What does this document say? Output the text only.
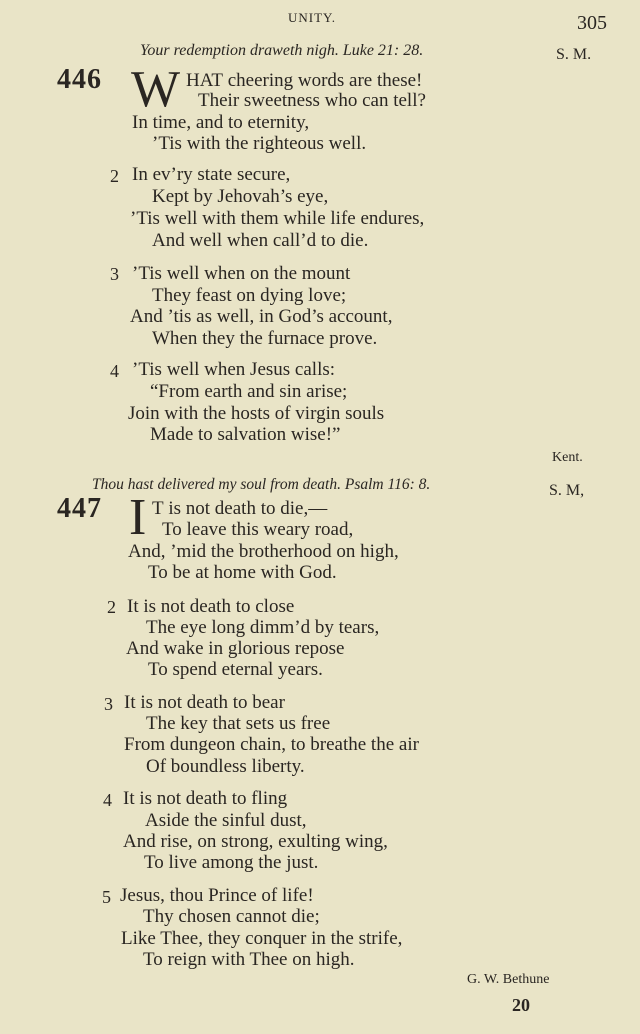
UNITY.	305
Your redemption draweth nigh. Luke 21: 28.	S. M.
446 W HAT cheering words are these!
Their sweetness who can tell?
In time, and to eternity,
’Tis with the righteous well.
2 In ev’ry state secure,
Kept by Jehovah’s eye,
’Tis well with them while life endures,
And well when call’d to die.
3 ’Tis well when on the mount
They feast on dying love;
And ’tis as well, in God’s account,
When they the furnace prove.
4 ’Tis well when Jesus calls:
“From earth and sin arise;
Join with the hosts of virgin souls
Made to salvation wise!”
Kent.
Thou hast delivered my soul from death. Psalm 116: 8.	S. M,
447 I T is not death to die,—
To leave this weary road,
And, ’mid the brotherhood on high,
To be at home with God.
2 It is not death to close
The eye long dimm’d by tears,
And wake in glorious repose
To spend eternal years.
3 It is not death to bear
The key that sets us free
From dungeon chain, to breathe the air
Of boundless liberty.
4 It is not death to fling
Aside the sinful dust,
And rise, on strong, exulting wing,
To live among the just.
5 Jesus, thou Prince of life!
Thy chosen cannot die;
Like Thee, they conquer in the strife,
To reign with Thee on high.
G. W. Bethune
20
